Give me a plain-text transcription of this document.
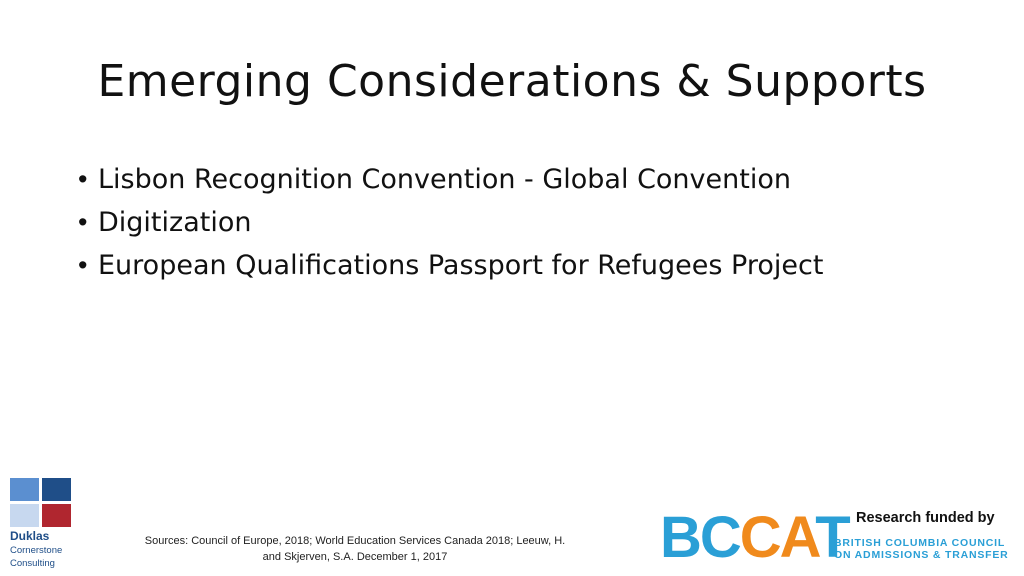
Emerging Considerations & Supports
• Lisbon Recognition Convention - Global Convention
• Digitization
• European Qualifications Passport for Refugees Project
Duklas
Cornerstone
Consulting
Sources: Council of Europe, 2018; World Education Services Canada 2018; Leeuw, H.
and Skjerven, S.A. December 1, 2017
Research funded by
BCCAT
BRITISH COLUMBIA COUNCIL
ON ADMISSIONS & TRANSFER
